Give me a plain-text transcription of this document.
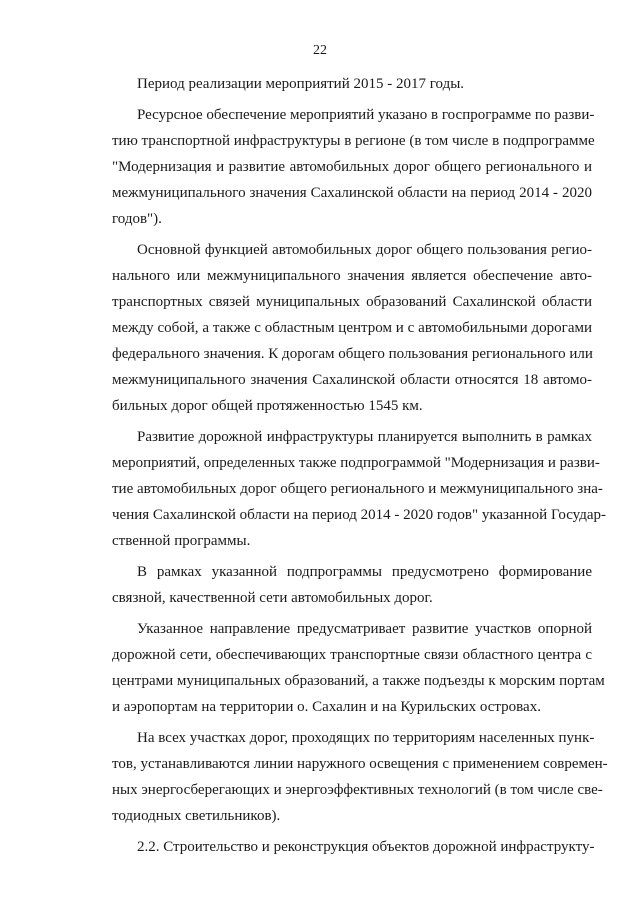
22
Период реализации мероприятий 2015 - 2017 годы.
Ресурсное обеспечение мероприятий указано в госпрограмме по разви-
тию транспортной инфраструктуры в регионе (в том числе в подпрограмме
"Модернизация и развитие автомобильных дорог общего регионального и
межмуниципального значения Сахалинской области на период 2014 - 2020
годов").
Основной функцией автомобильных дорог общего пользования регио-
нального или межмуниципального значения является обеспечение авто-
транспортных связей муниципальных образований Сахалинской области
между собой, а также с областным центром и с автомобильными дорогами
федерального значения. К дорогам общего пользования регионального или
межмуниципального значения Сахалинской области относятся 18 автомо-
бильных дорог общей протяженностью 1545 км.
Развитие дорожной инфраструктуры планируется выполнить в рамках
мероприятий, определенных также подпрограммой "Модернизация и разви-
тие автомобильных дорог общего регионального и межмуниципального зна-
чения Сахалинской области на период 2014 - 2020 годов" указанной Государ-
ственной программы.
В рамках указанной подпрограммы предусмотрено формирование
связной, качественной сети автомобильных дорог.
Указанное направление предусматривает развитие участков опорной
дорожной сети, обеспечивающих транспортные связи областного центра с
центрами муниципальных образований, а также подъезды к морским портам
и аэропортам на территории о. Сахалин и на Курильских островах.
На всех участках дорог, проходящих по территориям населенных пунк-
тов, устанавливаются линии наружного освещения с применением современ-
ных энергосберегающих и энергоэффективных технологий (в том числе све-
тодиодных светильников).
2.2. Строительство и реконструкция объектов дорожной инфраструкту-
